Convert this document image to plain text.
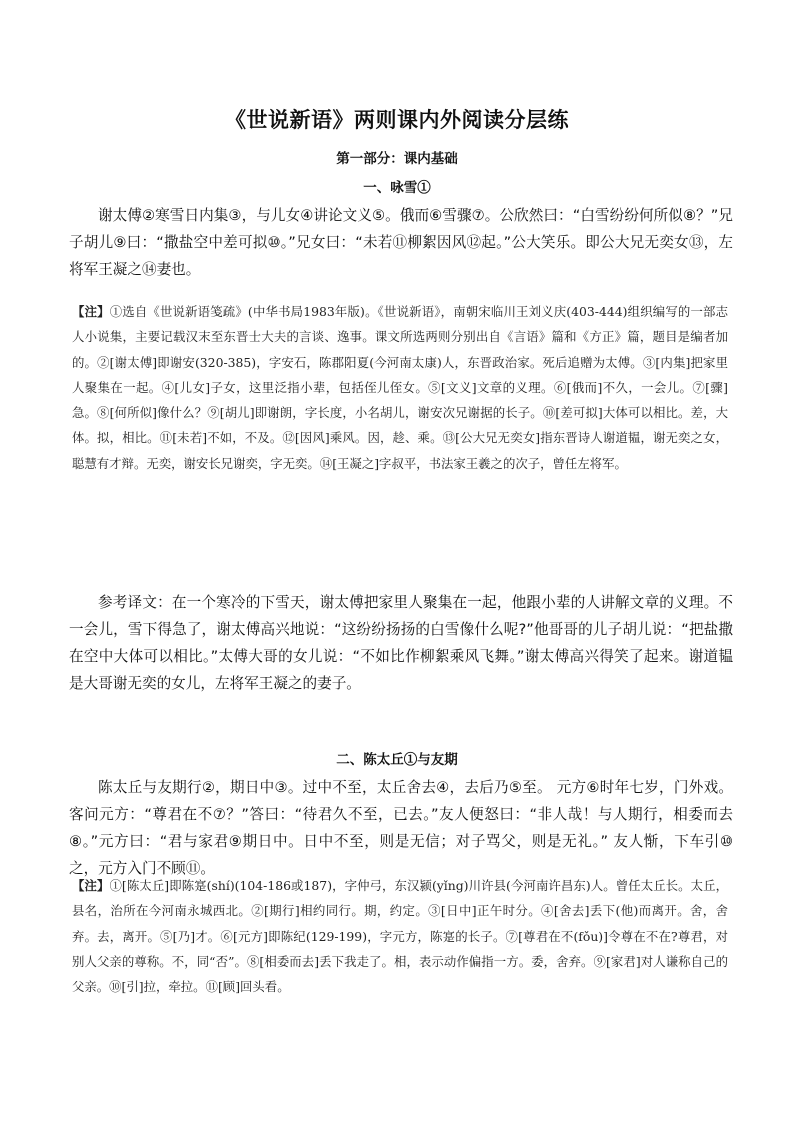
《世说新语》两则课内外阅读分层练
第一部分：课内基础
一、咏雪①
谢太傅②寒雪日内集③，与儿女④讲论文义⑤。俄而⑥雪骤⑦。公欣然曰：“白雪纷纷何所似⑧？”兄子胡儿⑨曰：“撒盐空中差可拟⑩。”兄女曰：“未若⑪柳絮因风⑫起。”公大笑乐。即公大兄无奕女⑬，左将军王凝之⑭妻也。
【注】①选自《世说新语笺疏》(中华书局1983年版)。《世说新语》，南朝宋临川王刘义庆(403-444)组织编写的一部志人小说集，主要记载汉末至东晋士大夫的言谈、逸事。课文所选两则分别出自《言语》篇和《方正》篇，题目是编者加的。②[谢太傅]即谢安(320-385)，字安石，陈郡阳夏(今河南太康)人，东晋政治家。死后追赠为太傅。③[内集]把家里人聚集在一起。④[儿女]子女，这里泛指小辈，包括侄儿侄女。⑤[文义]文章的义理。⑥[俄而]不久，一会儿。⑦[骤]急。⑧[何所似]像什么？⑨[胡儿]即谢朗，字长度，小名胡儿，谢安次兄谢据的长子。⑩[差可拟]大体可以相比。差，大体。拟，相比。⑪[未若]不如，不及。⑫[因风]乘风。因，趁、乘。⑬[公大兄无奕女]指东晋诗人谢道韫，谢无奕之女，聪慧有才辩。无奕，谢安长兄谢奕，字无奕。⑭[王凝之]字叔平，书法家王羲之的次子，曾任左将军。
参考译文：在一个寒冷的下雪天，谢太傅把家里人聚集在一起，他跟小辈的人讲解文章的义理。不一会儿，雪下得急了，谢太傅高兴地说：“这纷纷扬扬的白雪像什么呢?”他哥哥的儿子胡儿说：“把盐撒在空中大体可以相比。”太傅大哥的女儿说：“不如比作柳絮乘风飞舞。”谢太傅高兴得笑了起来。谢道韫是大哥谢无奕的女儿，左将军王凝之的妻子。
二、陈太丘①与友期
陈太丘与友期行②，期日中③。过中不至，太丘舍去④，去后乃⑤至。 元方⑥时年七岁，门外戏。客问元方：“尊君在不⑦？”答曰：“待君久不至，已去。”友人便怒曰：“非人哉！与人期行，相委而去⑧。”元方曰：“君与家君⑨期日中。日中不至，则是无信；对子骂父，则是无礼。” 友人惭，下车引⑩之，元方入门不顾⑪。
【注】①[陈太丘]即陈寔(shí)(104-186或187)，字仲弓，东汉颍(yǐng)川许县(今河南许昌东)人。曾任太丘长。太丘，县名，治所在今河南永城西北。②[期行]相约同行。期，约定。③[日中]正午时分。④[舍去]丢下(他)而离开。舍，舍弃。去，离开。⑤[乃]才。⑥[元方]即陈纪(129-199)，字元方，陈寔的长子。⑦[尊君在不(fǒu)]令尊在不在?尊君，对别人父亲的尊称。不，同“否”。⑧[相委而去]丢下我走了。相，表示动作偏指一方。委，舍弃。⑨[家君]对人谦称自己的父亲。⑩[引]拉，牵拉。⑪[顾]回头看。
